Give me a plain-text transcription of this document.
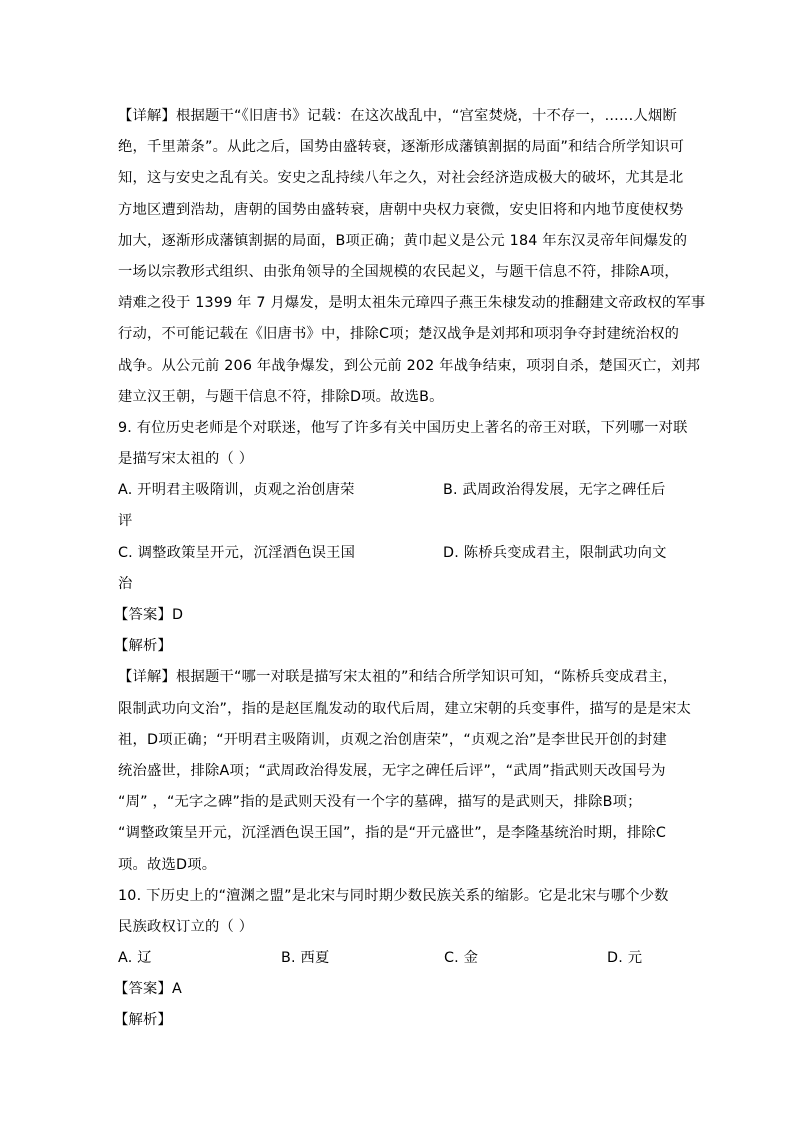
【详解】根据题干“《旧唐书》记载：在这次战乱中，“宫室焚烧，十不存一，……人烟断
绝，千里萧条”。从此之后，国势由盛转衰，逐渐形成藩镇割据的局面”和结合所学知识可
知，这与安史之乱有关。安史之乱持续八年之久，对社会经济造成极大的破坏，尤其是北
方地区遭到浩劫，唐朝的国势由盛转衰，唐朝中央权力衰微，安史旧将和内地节度使权势
加大，逐渐形成藩镇割据的局面，B项正确；黄巾起义是公元 184 年东汉灵帝年间爆发的
一场以宗教形式组织、由张角领导的全国规模的农民起义，与题干信息不符，排除A项，
靖难之役于 1399 年 7 月爆发，是明太祖朱元璋四子燕王朱棣发动的推翻建文帝政权的军事
行动，不可能记载在《旧唐书》中，排除C项；楚汉战争是刘邦和项羽争夺封建统治权的
战争。从公元前 206 年战争爆发，到公元前 202 年战争结束，项羽自杀，楚国灭亡，刘邦
建立汉王朝，与题干信息不符，排除D项。故选B。
9. 有位历史老师是个对联迷，他写了许多有关中国历史上著名的帝王对联，下列哪一对联
是描写宋太祖的（ ）
A. 开明君主吸隋训，贞观之治创唐荣	B. 武周政治得发展，无字之碑任后
评
C. 调整政策呈开元，沉淫酒色误王国	D. 陈桥兵变成君主，限制武功向文
治
【答案】D
【解析】
【详解】根据题干“哪一对联是描写宋太祖的”和结合所学知识可知，“陈桥兵变成君主，
限制武功向文治”，指的是赵匡胤发动的取代后周，建立宋朝的兵变事件，描写的是是宋太
祖，D项正确；“开明君主吸隋训，贞观之治创唐荣”，“贞观之治”是李世民开创的封建
统治盛世，排除A项；“武周政治得发展，无字之碑任后评”，“武周”指武则天改国号为
“周” ，“无字之碑”指的是武则天没有一个字的墓碑，描写的是武则天，排除B项；
“调整政策呈开元，沉淫酒色误王国”，指的是“开元盛世”，是李隆基统治时期，排除C
项。故选D项。
10. 下历史上的“澶渊之盟”是北宋与同时期少数民族关系的缩影。它是北宋与哪个少数
民族政权订立的（ ）
A. 辽	B. 西夏	C. 金	D. 元
【答案】A
【解析】
